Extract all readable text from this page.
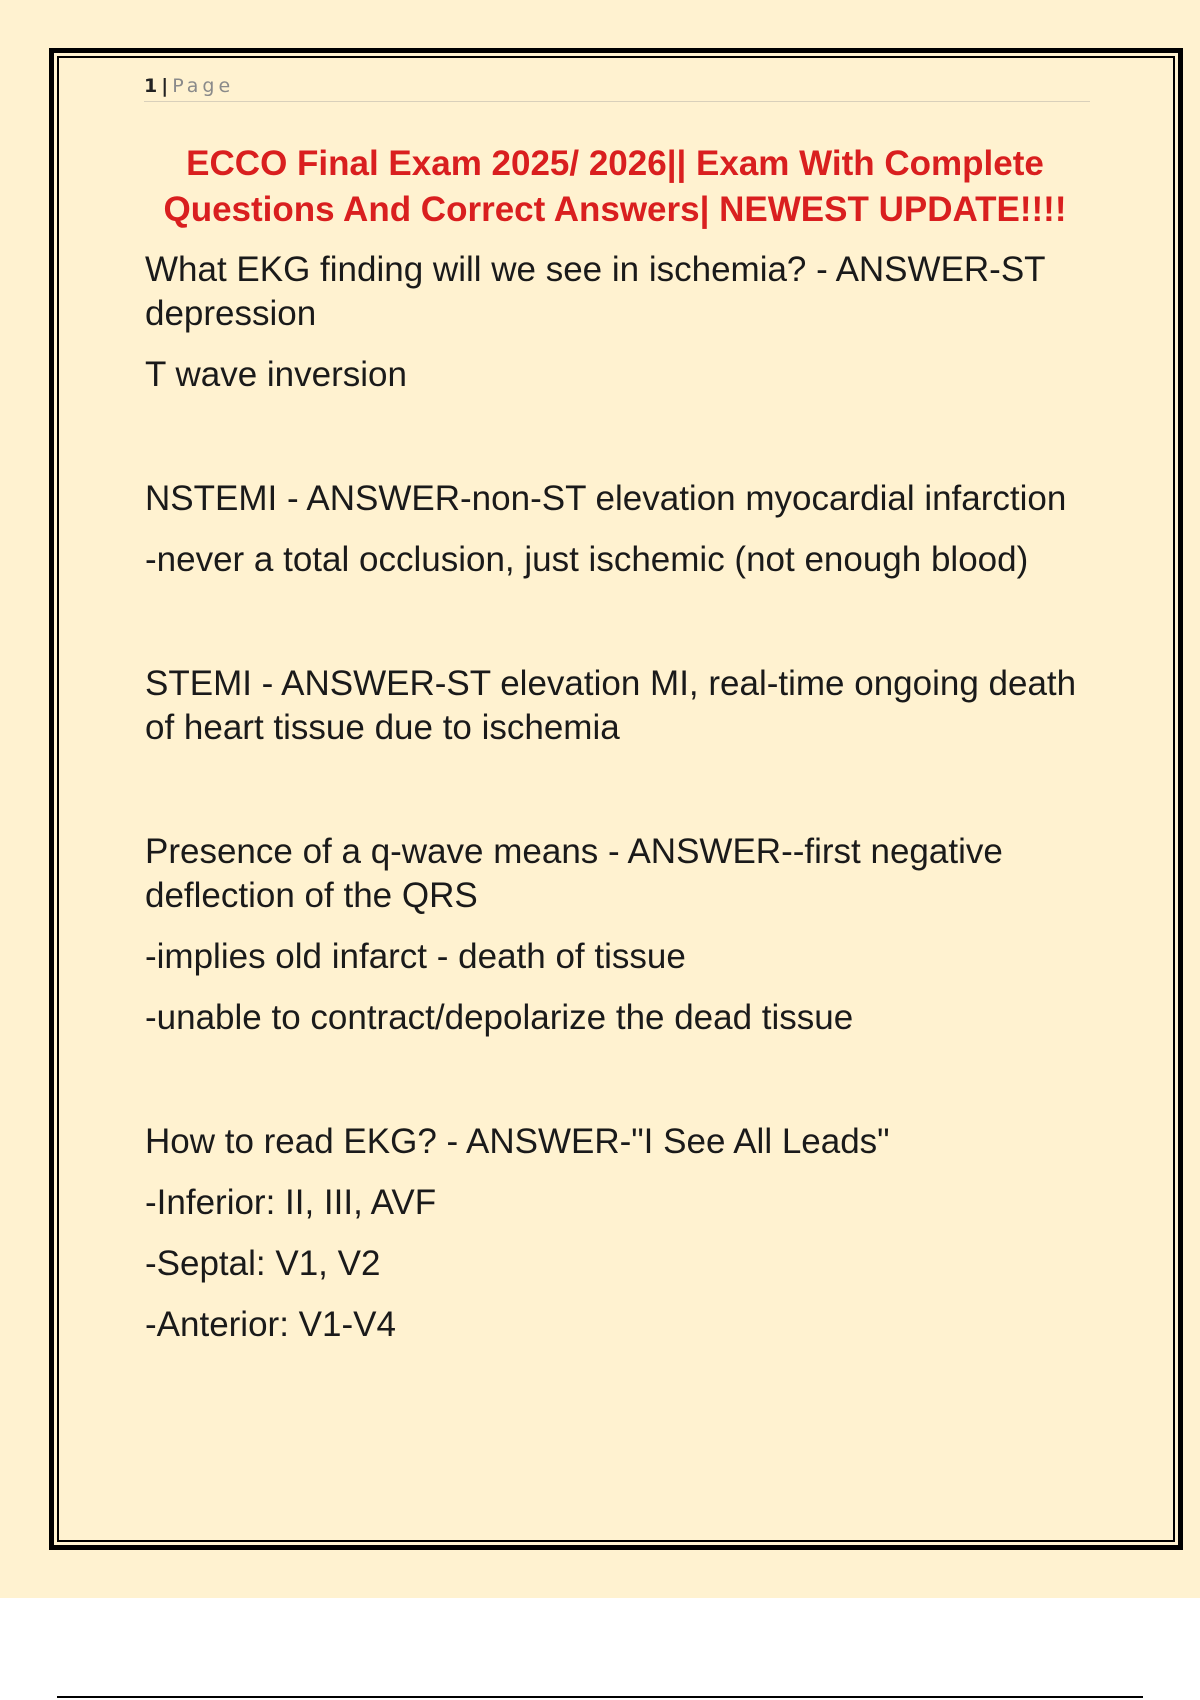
1 | Page
ECCO Final Exam 2025/ 2026|| Exam With Complete Questions And Correct Answers| NEWEST UPDATE!!!!

What EKG finding will we see in ischemia? - ANSWER-ST depression

T wave inversion

NSTEMI - ANSWER-non-ST elevation myocardial infarction

-never a total occlusion, just ischemic (not enough blood)

STEMI - ANSWER-ST elevation MI, real-time ongoing death of heart tissue due to ischemia

Presence of a q-wave means - ANSWER--first negative deflection of the QRS

-implies old infarct - death of tissue

-unable to contract/depolarize the dead tissue

How to read EKG? - ANSWER-"I See All Leads"

-Inferior: II, III, AVF

-Septal: V1, V2

-Anterior: V1-V4
